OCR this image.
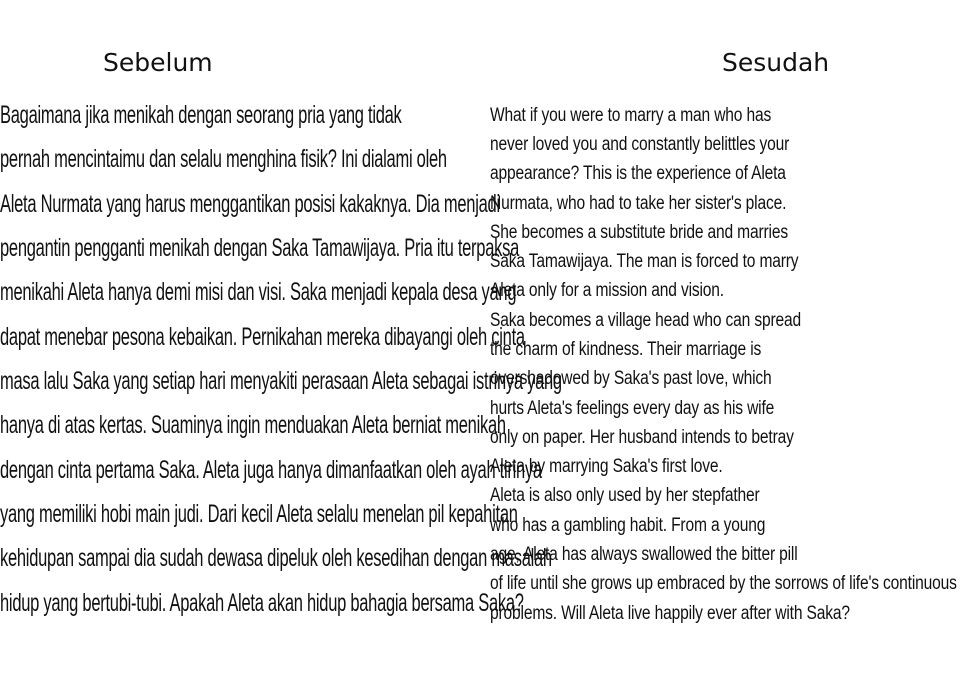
Sebelum	Sesudah
Bagaimana jika menikah dengan seorang pria yang tidak
pernah mencintaimu dan selalu menghina fisik? Ini dialami oleh
Aleta Nurmata yang harus menggantikan posisi kakaknya. Dia menjadi
pengantin pengganti menikah dengan Saka Tamawijaya. Pria itu terpaksa
menikahi Aleta hanya demi misi dan visi. Saka menjadi kepala desa yang
dapat menebar pesona kebaikan. Pernikahan mereka dibayangi oleh cinta
masa lalu Saka yang setiap hari menyakiti perasaan Aleta sebagai istrinya yang
hanya di atas kertas. Suaminya ingin menduakan Aleta berniat menikah
dengan cinta pertama Saka. Aleta juga hanya dimanfaatkan oleh ayah tirinya
yang memiliki hobi main judi. Dari kecil Aleta selalu menelan pil kepahitan
kehidupan sampai dia sudah dewasa dipeluk oleh kesedihan dengan masalah
hidup yang bertubi-tubi. Apakah Aleta akan hidup bahagia bersama Saka?
What if you were to marry a man who has
never loved you and constantly belittles your
appearance? This is the experience of Aleta
Nurmata, who had to take her sister's place.
She becomes a substitute bride and marries
Saka Tamawijaya. The man is forced to marry
Aleta only for a mission and vision.
Saka becomes a village head who can spread
the charm of kindness. Their marriage is
overshadowed by Saka's past love, which
hurts Aleta's feelings every day as his wife
only on paper. Her husband intends to betray
Aleta by marrying Saka's first love.
Aleta is also only used by her stepfather
who has a gambling habit. From a young
age, Aleta has always swallowed the bitter pill
of life until she grows up embraced by the sorrows of life's continuous
problems. Will Aleta live happily ever after with Saka?
